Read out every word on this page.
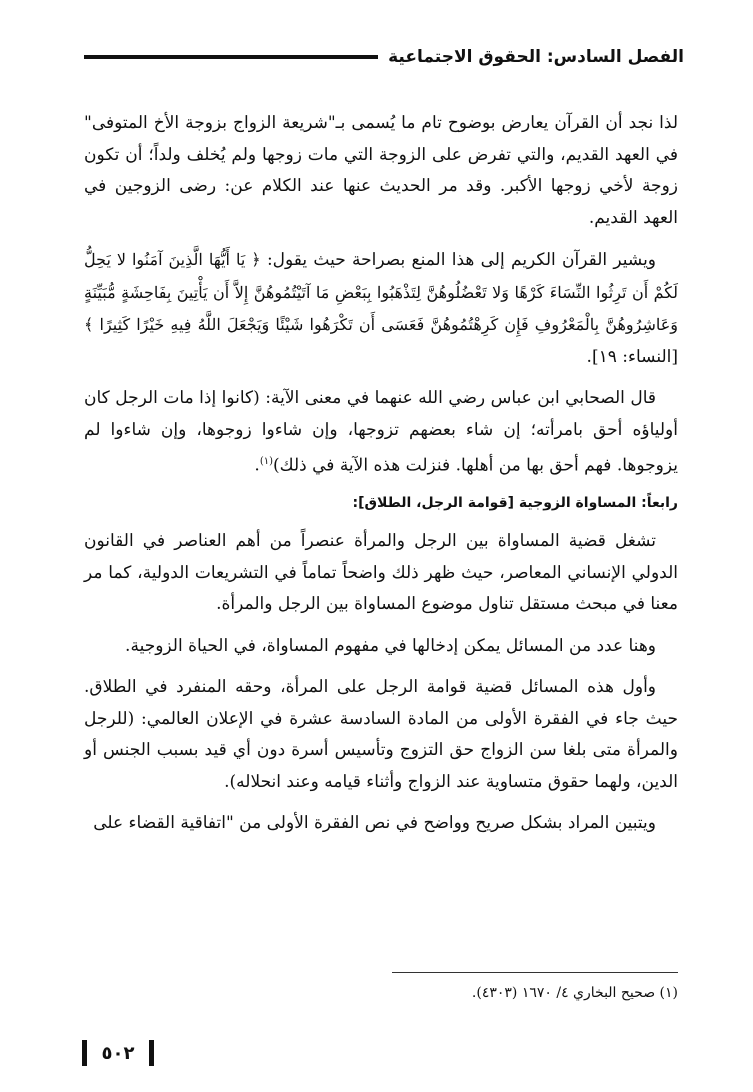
الفصل السادس: الحقوق الاجتماعية

لذا نجد أن القرآن يعارض بوضوح تام ما يُسمى بـ"شريعة الزواج بزوجة الأخ المتوفى" في العهد القديم، والتي تفرض على الزوجة التي مات زوجها ولم يُخلف ولداً؛ أن تكون زوجة لأخي زوجها الأكبر. وقد مر الحديث عنها عند الكلام عن: رضى الزوجين في العهد القديم.

ويشير القرآن الكريم إلى هذا المنع بصراحة حيث يقول: ﴿ يَا أَيُّهَا الَّذِينَ آمَنُوا لا يَحِلُّ لَكُمْ أَن تَرِثُوا النِّسَاءَ كَرْهًا وَلا تَعْضُلُوهُنَّ لِتَذْهَبُوا بِبَعْضِ مَا آتَيْتُمُوهُنَّ إِلاَّ أَن يَأْتِينَ بِفَاحِشَةٍ مُّبَيِّنَةٍ وَعَاشِرُوهُنَّ بِالْمَعْرُوفِ فَإِن كَرِهْتُمُوهُنَّ فَعَسَى أَن تَكْرَهُوا شَيْئًا وَيَجْعَلَ اللَّهُ فِيهِ خَيْرًا كَثِيرًا ﴾ [النساء: ١٩].

قال الصحابي ابن عباس رضي الله عنهما في معنى الآية: (كانوا إذا مات الرجل كان أولياؤه أحق بامرأته؛ إن شاء بعضهم تزوجها، وإن شاءوا زوجوها، وإن شاءوا لم يزوجوها. فهم أحق بها من أهلها. فنزلت هذه الآية في ذلك)$^{(١)}$.

رابعاً: المساواة الزوجية [قوامة الرجل، الطلاق]:

تشغل قضية المساواة بين الرجل والمرأة عنصراً من أهم العناصر في القانون الدولي الإنساني المعاصر، حيث ظهر ذلك واضحاً تماماً في التشريعات الدولية، كما مر معنا في مبحث مستقل تناول موضوع المساواة بين الرجل والمرأة.

وهنا عدد من المسائل يمكن إدخالها في مفهوم المساواة، في الحياة الزوجية.

وأول هذه المسائل قضية قوامة الرجل على المرأة، وحقه المنفرد في الطلاق. حيث جاء في الفقرة الأولى من المادة السادسة عشرة في الإعلان العالمي: (للرجل والمرأة متى بلغا سن الزواج حق التزوج وتأسيس أسرة دون أي قيد بسبب الجنس أو الدين، ولهما حقوق متساوية عند الزواج وأثناء قيامه وعند انحلاله).

ويتبين المراد بشكل صريح وواضح في نص الفقرة الأولى من "اتفاقية القضاء على

(١) صحيح البخاري ٤/ ١٦٧٠ (٤٣٠٣).
٥٠٢
